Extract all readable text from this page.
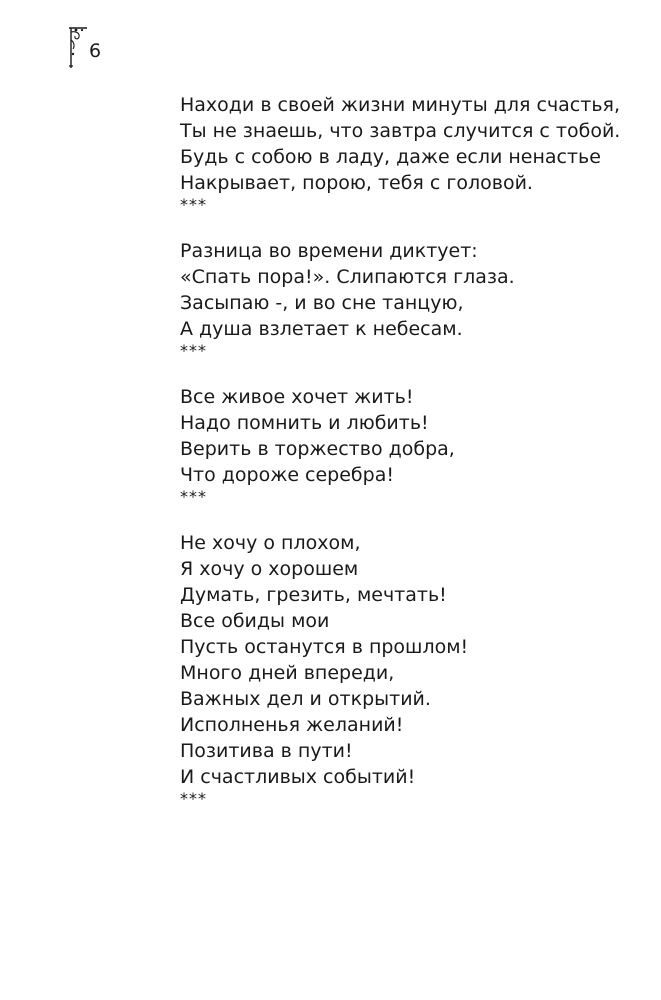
6
Находи в своей жизни минуты для счастья,
Ты не знаешь, что завтра случится с тобой.
Будь с собою в ладу, даже если ненастье
Накрывает, порою, тебя с головой.
***
Разница во времени диктует:
«Спать пора!». Слипаются глаза.
Засыпаю -, и во сне танцую,
А душа взлетает к небесам.
***
Все живое хочет жить!
Надо помнить и любить!
Верить в торжество добра,
Что дороже серебра!
***
Не хочу о плохом,
Я хочу о хорошем
Думать, грезить, мечтать!
Все обиды мои
Пусть останутся в прошлом!
Много дней впереди,
Важных дел и открытий.
Исполненья желаний!
Позитива в пути!
И счастливых событий!
***
